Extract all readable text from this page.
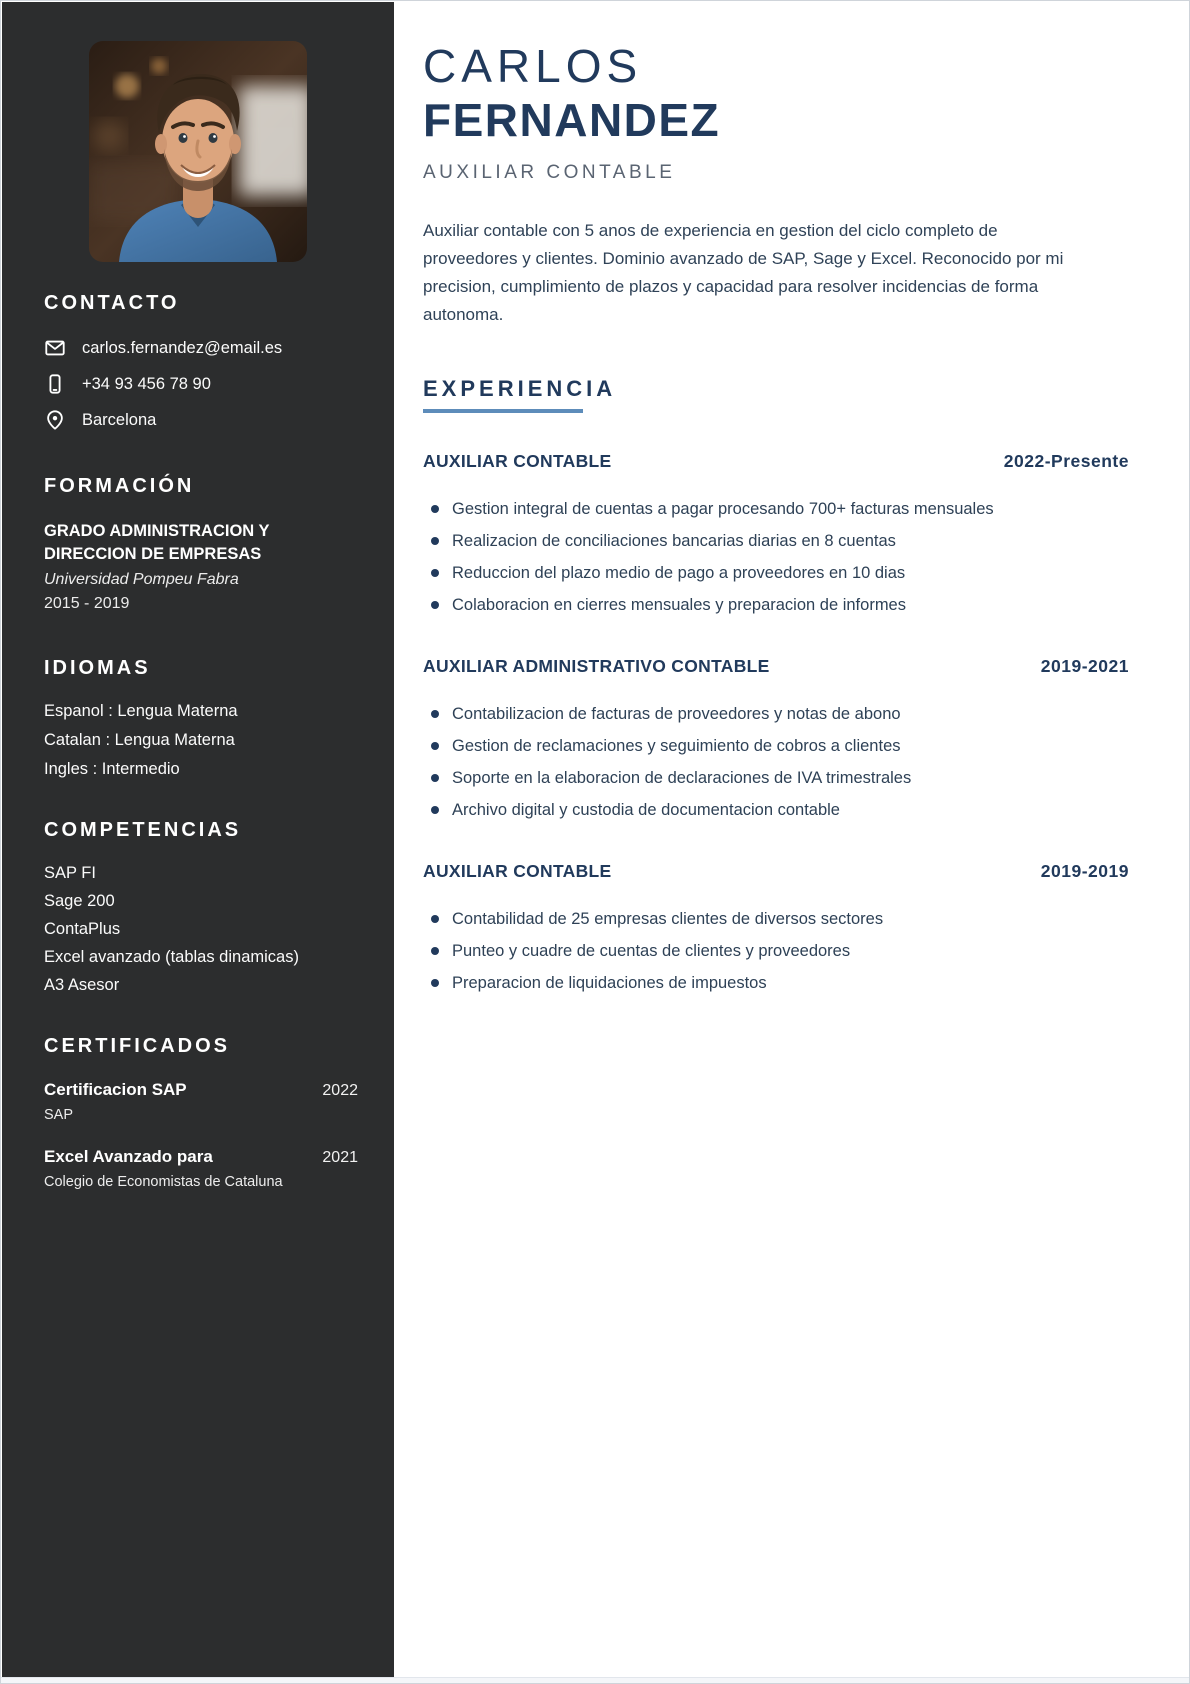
CONTACTO
carlos.fernandez@email.es
+34 93 456 78 90
Barcelona
FORMACIÓN

GRADO ADMINISTRACION Y DIRECCION DE EMPRESAS

Universidad Pompeu Fabra

2015 - 2019

IDIOMAS
Espanol : Lengua Materna
Catalan : Lengua Materna
Ingles : Intermedio
COMPETENCIAS
SAP FI
Sage 200
ContaPlus
Excel avanzado (tablas dinamicas)
A3 Asesor
CERTIFICADOS
Certificacion SAP	2022
SAP
Excel Avanzado para	2021
Colegio de Economistas de Cataluna
CARLOS
FERNANDEZ

AUXILIAR CONTABLE

Auxiliar contable con 5 anos de experiencia en gestion del ciclo completo de proveedores y clientes. Dominio avanzado de SAP, Sage y Excel. Reconocido por mi precision, cumplimiento de plazos y capacidad para resolver incidencias de forma autonoma.

EXPERIENCIA
AUXILIAR CONTABLE	2022-Presente
Gestion integral de cuentas a pagar procesando 700+ facturas mensuales
Realizacion de conciliaciones bancarias diarias en 8 cuentas
Reduccion del plazo medio de pago a proveedores en 10 dias
Colaboracion en cierres mensuales y preparacion de informes
AUXILIAR ADMINISTRATIVO CONTABLE	2019-2021
Contabilizacion de facturas de proveedores y notas de abono
Gestion de reclamaciones y seguimiento de cobros a clientes
Soporte en la elaboracion de declaraciones de IVA trimestrales
Archivo digital y custodia de documentacion contable
AUXILIAR CONTABLE	2019-2019
Contabilidad de 25 empresas clientes de diversos sectores
Punteo y cuadre de cuentas de clientes y proveedores
Preparacion de liquidaciones de impuestos
